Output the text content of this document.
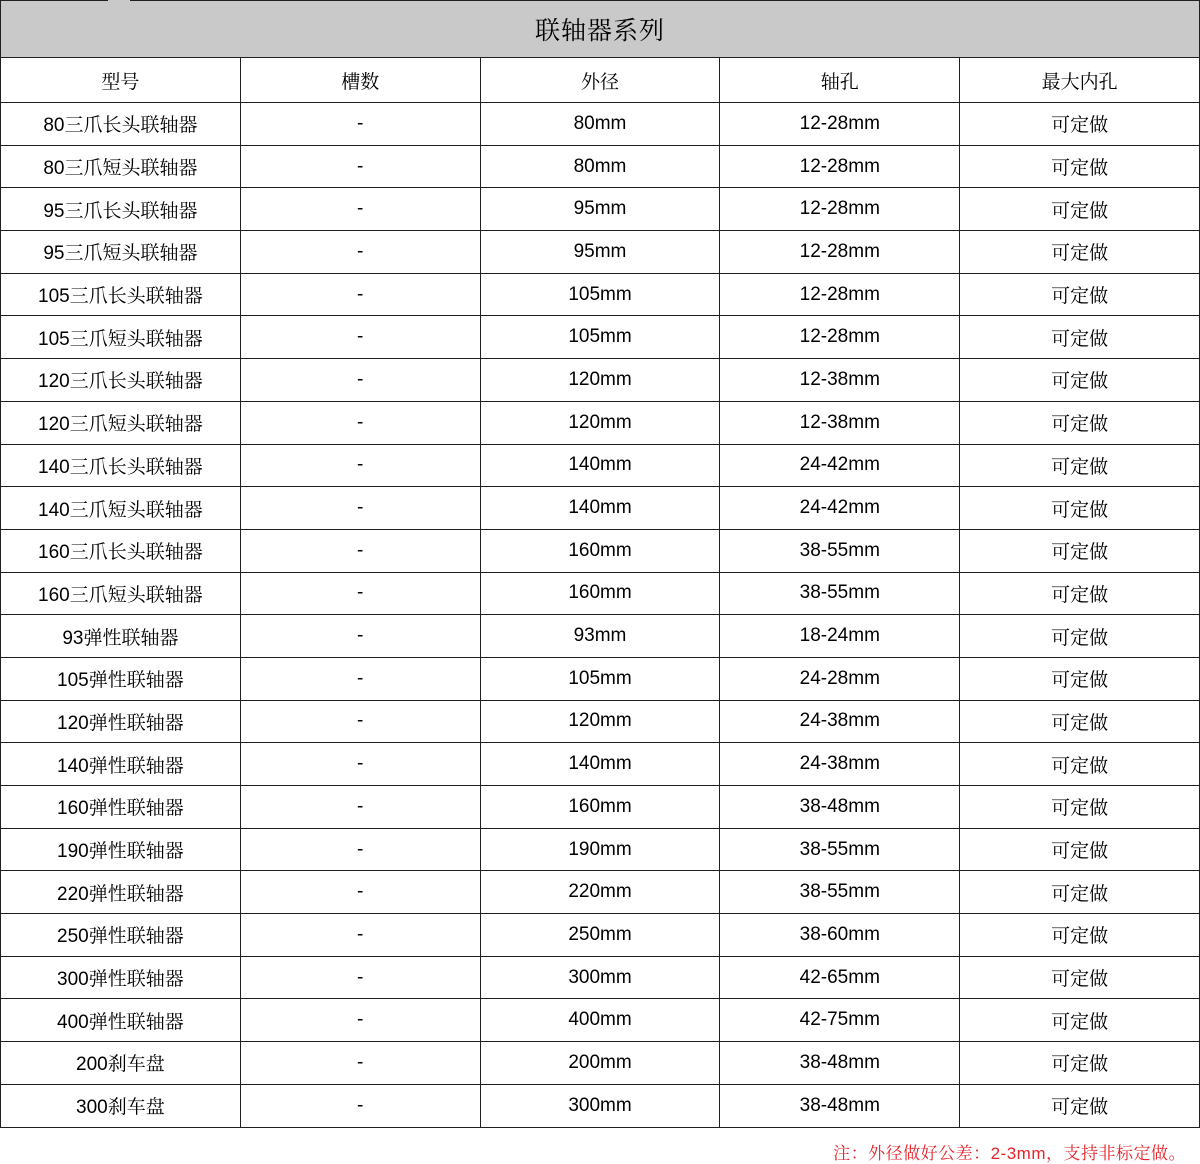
联轴器系列				
型号	槽数	外径	轴孔	最大内孔
80三爪长头联轴器	-	80mm	12-28mm	可定做
80三爪短头联轴器	-	80mm	12-28mm	可定做
95三爪长头联轴器	-	95mm	12-28mm	可定做
95三爪短头联轴器	-	95mm	12-28mm	可定做
105三爪长头联轴器	-	105mm	12-28mm	可定做
105三爪短头联轴器	-	105mm	12-28mm	可定做
120三爪长头联轴器	-	120mm	12-38mm	可定做
120三爪短头联轴器	-	120mm	12-38mm	可定做
140三爪长头联轴器	-	140mm	24-42mm	可定做
140三爪短头联轴器	-	140mm	24-42mm	可定做
160三爪长头联轴器	-	160mm	38-55mm	可定做
160三爪短头联轴器	-	160mm	38-55mm	可定做
93弹性联轴器	-	93mm	18-24mm	可定做
105弹性联轴器	-	105mm	24-28mm	可定做
120弹性联轴器	-	120mm	24-38mm	可定做
140弹性联轴器	-	140mm	24-38mm	可定做
160弹性联轴器	-	160mm	38-48mm	可定做
190弹性联轴器	-	190mm	38-55mm	可定做
220弹性联轴器	-	220mm	38-55mm	可定做
250弹性联轴器	-	250mm	38-60mm	可定做
300弹性联轴器	-	300mm	42-65mm	可定做
400弹性联轴器	-	400mm	42-75mm	可定做
200刹车盘	-	200mm	38-48mm	可定做
300刹车盘	-	300mm	38-48mm	可定做
注：外径做好公差：2-3mm，支持非标定做。
